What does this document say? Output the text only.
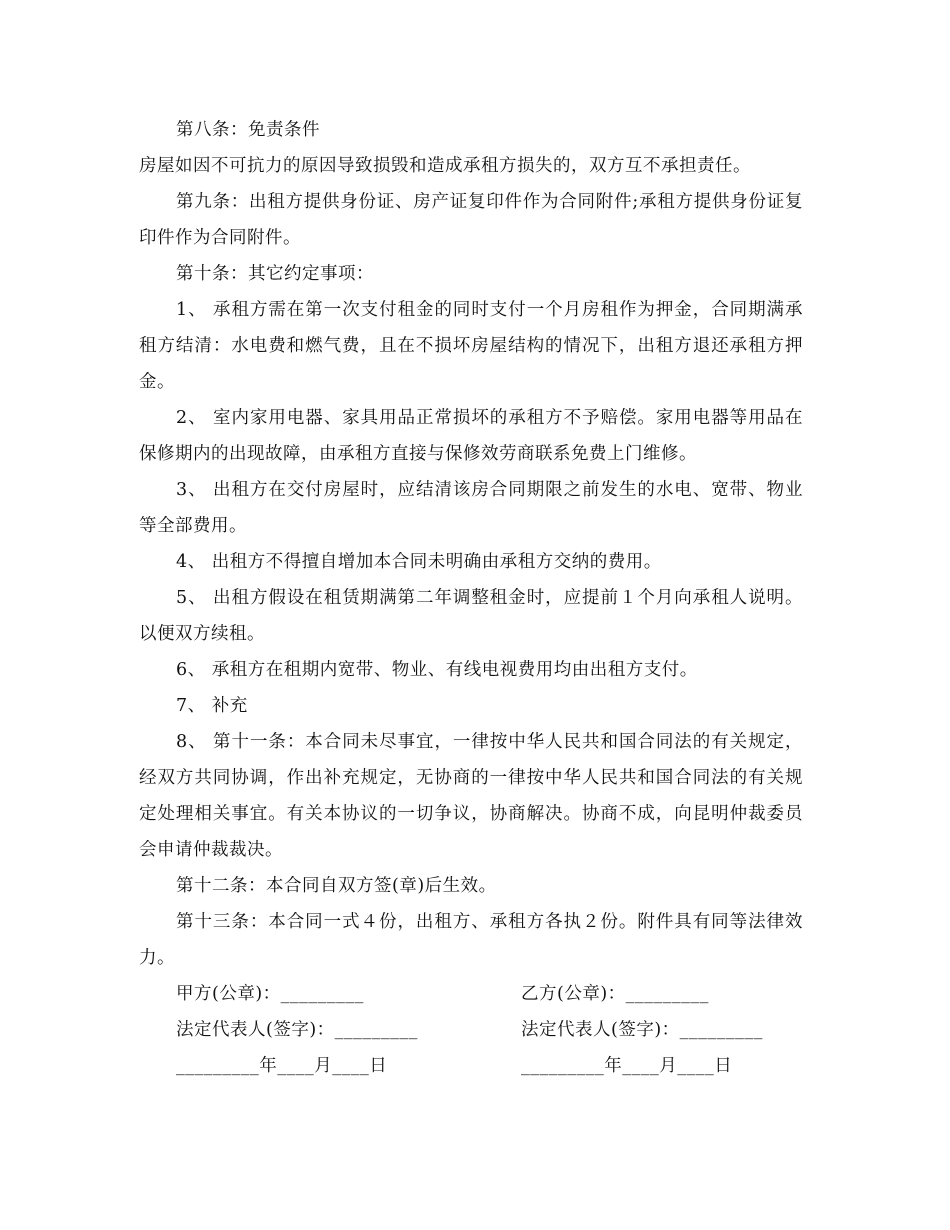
第八条：免责条件

房屋如因不可抗力的原因导致损毁和造成承租方损失的，双方互不承担责任。

第九条：出租方提供身份证、房产证复印件作为合同附件;承租方提供身份证复印件作为合同附件。

第十条：其它约定事项：

1、 承租方需在第一次支付租金的同时支付一个月房租作为押金，合同期满承租方结清：水电费和燃气费，且在不损坏房屋结构的情况下，出租方退还承租方押金。

2、 室内家用电器、家具用品正常损坏的承租方不予赔偿。家用电器等用品在保修期内的出现故障，由承租方直接与保修效劳商联系免费上门维修。

3、 出租方在交付房屋时，应结清该房合同期限之前发生的水电、宽带、物业等全部费用。

4、 出租方不得擅自增加本合同未明确由承租方交纳的费用。

5、 出租方假设在租赁期满第二年调整租金时，应提前１个月向承租人说明。以便双方续租。

6、 承租方在租期内宽带、物业、有线电视费用均由出租方支付。

7、 补充

8、 第十一条：本合同未尽事宜，一律按中华人民共和国合同法的有关规定，经双方共同协调，作出补充规定，无协商的一律按中华人民共和国合同法的有关规定处理相关事宜。有关本协议的一切争议，协商解决。协商不成，向昆明仲裁委员会申请仲裁裁决。

第十二条：本合同自双方签(章)后生效。

第十三条：本合同一式４份，出租方、承租方各执２份。附件具有同等法律效力。

甲方(公章)：_________	乙方(公章)：_________
法定代表人(签字)：_________	法定代表人(签字)：_________
_________年____月____日	_________年____月____日
